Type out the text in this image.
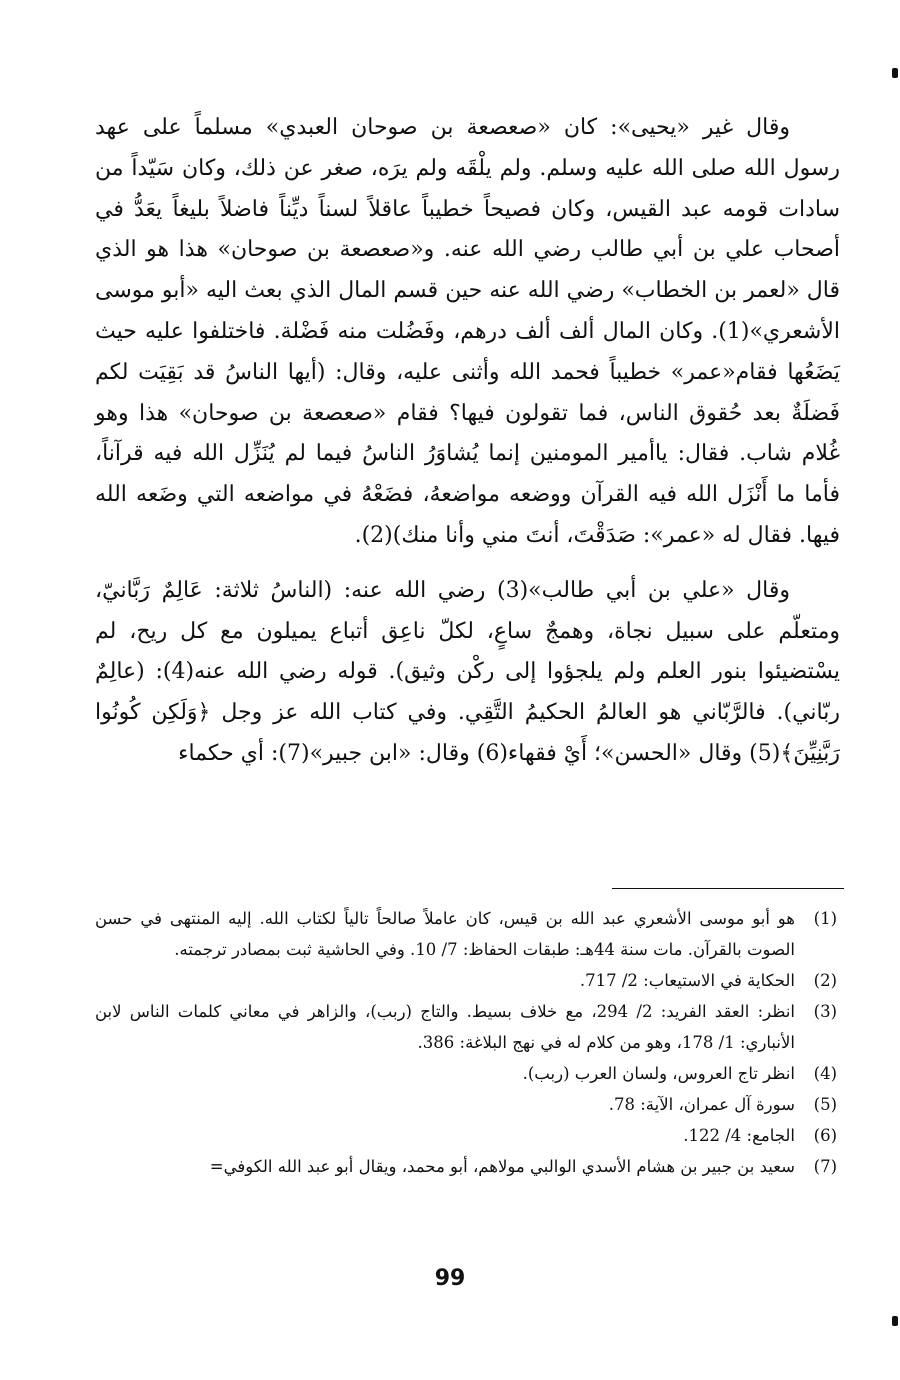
وقال غير «يحيى»: كان «صعصعة بن صوحان العبدي» مسلماً على عهد رسول الله صلى الله عليه وسلم. ولم يلْقَه ولم يرَه، صغر عن ذلك، وكان سَيّداً من سادات قومه عبد القيس، وكان فصيحاً خطيباً عاقلاً لسناً ديِّناً فاضلاً بليغاً يعَدُّ في أصحاب علي بن أبي طالب رضي الله عنه. و«صعصعة بن صوحان» هذا هو الذي قال «لعمر بن الخطاب» رضي الله عنه حين قسم المال الذي بعث اليه «أبو موسى الأشعري»(1). وكان المال ألف ألف درهم، وفَضُلت منه فَضْلة. فاختلفوا عليه حيث يَضَعُها فقام«عمر» خطيباً فحمد الله وأثنى عليه، وقال: (أيها الناسُ قد بَقِيَت لكم فَضلَةٌ بعد حُقوق الناس، فما تقولون فيها؟ فقام «صعصعة بن صوحان» هذا وهو غُلام شاب. فقال: ياأمير المومنين إنما يُشاوَرُ الناسُ فيما لم يُنَزِّل الله فيه قرآناً، فأما ما أَنْزَل الله فيه القرآن ووضعه مواضعهُ، فضَعْهُ في مواضعه التي وضَعه الله فيها. فقال له «عمر»: صَدَقْتَ، أنتَ مني وأنا منك)(2).

وقال «علي بن أبي طالب»(3) رضي الله عنه: (الناسُ ثلاثة: عَالِمٌ رَبَّانيّ، ومتعلّم على سبيل نجاة، وهمجٌ ساعٍ، لكلّ ناعِق أتباع يميلون مع كل ريح، لم يسْتضيئوا بنور العلم ولم يلجؤوا إلى ركْن وثيق). قوله رضي الله عنه(4): (عالِمٌ ربّاني). فالرَّبّاني هو العالمُ الحكيمُ التَّقِي. وفي كتاب الله عز وجل ﴿وَلَكِن كُونُوا رَبَّنِيِّنَ﴾(5) وقال «الحسن»؛ أَيْ فقهاء(6) وقال: «ابن جبير»(7): أي حكماء

(1)
هو أبو موسى الأشعري عبد الله بن قيس، كان عاملاً صالحاً تالياً لكتاب الله. إليه المنتهى في حسن الصوت بالقرآن. مات سنة 44هـ: طبقات الحفاظ: 7/ 10. وفي الحاشية ثبت بمصادر ترجمته.
(2)
الحكاية في الاستيعاب: 2/ 717.
(3)
انظر: العقد الفريد: 2/ 294، مع خلاف بسيط. والتاج (ربب)، والزاهر في معاني كلمات الناس لابن الأنباري: 1/ 178، وهو من كلام له في نهج البلاغة: 386.
(4)
انظر تاج العروس، ولسان العرب (ربب).
(5)
سورة آل عمران، الآية: 78.
(6)
الجامع: 4/ 122.
(7)
سعيد بن جبير بن هشام الأسدي الوالبي مولاهم، أبو محمد، ويقال أبو عبد الله الكوفي=
99
